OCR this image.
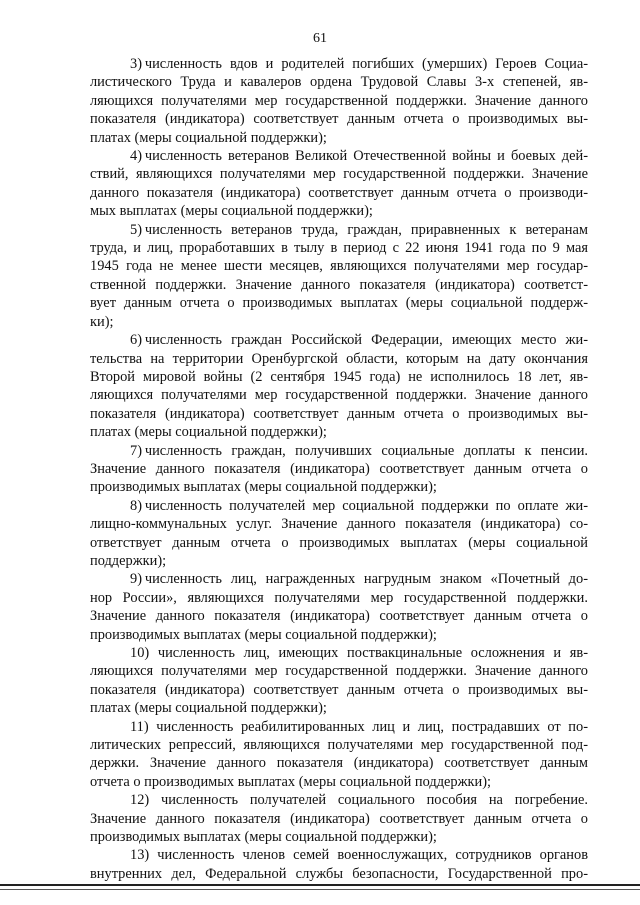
61

3) численность вдов и родителей погибших (умерших) Героев Социа-
листического Труда и кавалеров ордена Трудовой Славы 3-х степеней, яв-
ляющихся получателями мер государственной поддержки. Значение данного
показателя (индикатора) соответствует данным отчета о производимых вы-
платах (меры социальной поддержки);

4) численность ветеранов Великой Отечественной войны и боевых дей-
ствий, являющихся получателями мер государственной поддержки. Значение
данного показателя (индикатора) соответствует данным отчета о производи-
мых выплатах (меры социальной поддержки);

5) численность ветеранов труда, граждан, приравненных к ветеранам
труда, и лиц, проработавших в тылу в период с 22 июня 1941 года по 9 мая
1945 года не менее шести месяцев, являющихся получателями мер государ-
ственной поддержки. Значение данного показателя (индикатора) соответст-
вует данным отчета о производимых выплатах (меры социальной поддерж-
ки);

6) численность граждан Российской Федерации, имеющих место жи-
тельства на территории Оренбургской области, которым на дату окончания
Второй мировой войны (2 сентября 1945 года) не исполнилось 18 лет, яв-
ляющихся получателями мер государственной поддержки. Значение данного
показателя (индикатора) соответствует данным отчета о производимых вы-
платах (меры социальной поддержки);

7) численность граждан, получивших социальные доплаты к пенсии.
Значение данного показателя (индикатора) соответствует данным отчета о
производимых выплатах (меры социальной поддержки);

8) численность получателей мер социальной поддержки по оплате жи-
лищно-коммунальных услуг. Значение данного показателя (индикатора) со-
ответствует данным отчета о производимых выплатах (меры социальной
поддержки);

9) численность лиц, награжденных нагрудным знаком «Почетный до-
нор России», являющихся получателями мер государственной поддержки.
Значение данного показателя (индикатора) соответствует данным отчета о
производимых выплатах (меры социальной поддержки);

10) численность лиц, имеющих поствакцинальные осложнения и яв-
ляющихся получателями мер государственной поддержки. Значение данного
показателя (индикатора) соответствует данным отчета о производимых вы-
платах (меры социальной поддержки);

11) численность реабилитированных лиц и лиц, пострадавших от по-
литических репрессий, являющихся получателями мер государственной под-
держки. Значение данного показателя (индикатора) соответствует данным
отчета о производимых выплатах (меры социальной поддержки);

12) численность получателей социального пособия на погребение.
Значение данного показателя (индикатора) соответствует данным отчета о
производимых выплатах (меры социальной поддержки);

13) численность членов семей военнослужащих, сотрудников органов
внутренних дел, Федеральной службы безопасности, Государственной про-
